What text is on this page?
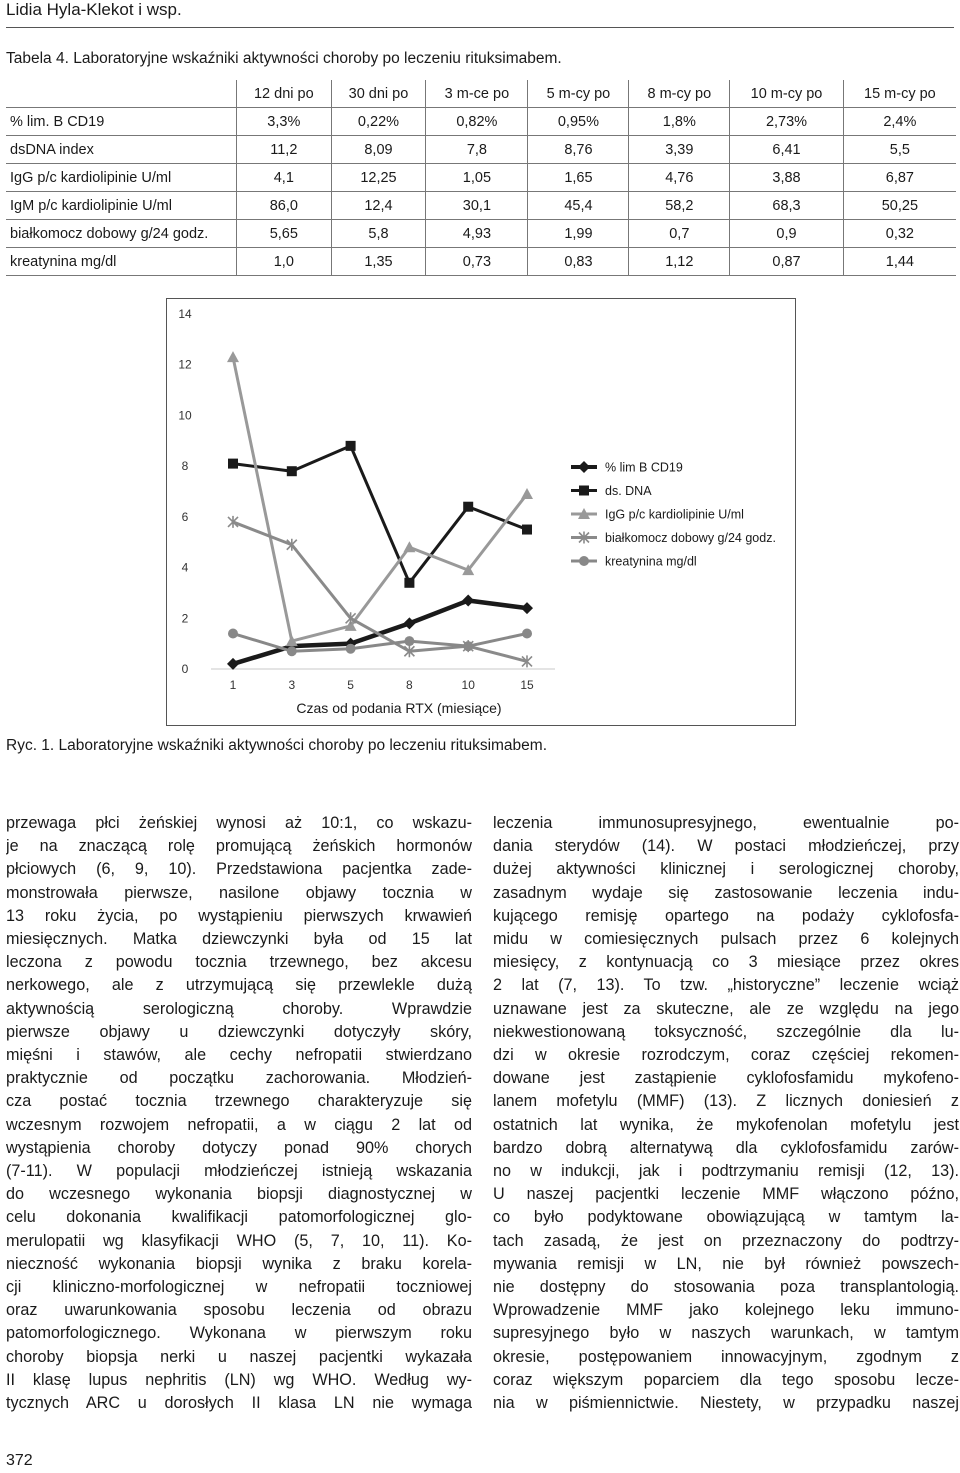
Lidia Hyla-Klekot i wsp.
Tabela 4. Laboratoryjne wskaźniki aktywności choroby po leczeniu rituksimabem.
	12 dni po	30 dni po	3 m-ce po	5 m-cy po	8 m-cy po	10 m-cy po	15 m-cy po
% lim. B CD19	3,3%	0,22%	0,82%	0,95%	1,8%	2,73%	2,4%
dsDNA index	11,2	8,09	7,8	8,76	3,39	6,41	5,5
IgG p/c kardiolipinie U/ml	4,1	12,25	1,05	1,65	4,76	3,88	6,87
IgM p/c kardiolipinie U/ml	86,0	12,4	30,1	45,4	58,2	68,3	50,25
białkomocz dobowy g/24 godz.	5,65	5,8	4,93	1,99	0,7	0,9	0,32
kreatynina mg/dl	1,0	1,35	0,73	0,83	1,12	0,87	1,44
0
2
4
6
8
10
12
14
1	3	5	8	10	15
Czas od podania RTX (miesiące)
% lim B CD19
ds. DNA
IgG p/c kardiolipinie U/ml
białkomocz dobowy g/24 godz.
kreatynina mg/dl
Ryc. 1. Laboratoryjne wskaźniki aktywności choroby po leczeniu rituksimabem.
przewaga płci żeńskiej wynosi aż 10:1, co wskazu-
je na znaczącą rolę promującą żeńskich hormonów
płciowych (6, 9, 10). Przedstawiona pacjentka zade-
monstrowała pierwsze, nasilone objawy tocznia w
13 roku życia, po wystąpieniu pierwszych krwawień
miesięcznych. Matka dziewczynki była od 15 lat
leczona z powodu tocznia trzewnego, bez akcesu
nerkowego, ale z utrzymującą się przewlekle dużą
aktywnością serologiczną choroby. Wprawdzie
pierwsze objawy u dziewczynki dotyczyły skóry,
mięśni i stawów, ale cechy nefropatii stwierdzano
praktycznie od początku zachorowania. Młodzień-
cza postać tocznia trzewnego charakteryzuje się
wczesnym rozwojem nefropatii, a w ciągu 2 lat od
wystąpienia choroby dotyczy ponad 90% chorych
(7-11). W populacji młodzieńczej istnieją wskazania
do wczesnego wykonania biopsji diagnostycznej w
celu dokonania kwalifikacji patomorfologicznej glo-
merulopatii wg klasyfikacji WHO (5, 7, 10, 11). Ko-
nieczność wykonania biopsji wynika z braku korela-
cji kliniczno-morfologicznej w nefropatii toczniowej
oraz uwarunkowania sposobu leczenia od obrazu
patomorfologicznego. Wykonana w pierwszym roku
choroby biopsja nerki u naszej pacjentki wykazała
II klasę lupus nephritis (LN) wg WHO. Według wy-
tycznych ARC u dorosłych II klasa LN nie wymaga
leczenia immunosupresyjnego, ewentualnie po-
dania sterydów (14). W postaci młodzieńczej, przy
dużej aktywności klinicznej i serologicznej choroby,
zasadnym wydaje się zastosowanie leczenia indu-
kującego remisję opartego na podaży cyklofosfa-
midu w comiesięcznych pulsach przez 6 kolejnych
miesięcy, z kontynuacją co 3 miesiące przez okres
2 lat (7, 13). To tzw. „historyczne” leczenie wciąż
uznawane jest za skuteczne, ale ze względu na jego
niekwestionowaną toksyczność, szczególnie dla lu-
dzi w okresie rozrodczym, coraz częściej rekomen-
dowane jest zastąpienie cyklofosfamidu mykofeno-
lanem mofetylu (MMF) (13). Z licznych doniesień z
ostatnich lat wynika, że mykofenolan mofetylu jest
bardzo dobrą alternatywą dla cyklofosfamidu zarów-
no w indukcji, jak i podtrzymaniu remisji (12, 13).
U naszej pacjentki leczenie MMF włączono późno,
co było podyktowane obowiązującą w tamtym la-
tach zasadą, że jest on przeznaczony do podtrzy-
mywania remisji w LN, nie był również powszech-
nie dostępny do stosowania poza transplantologią.
Wprowadzenie MMF jako kolejnego leku immuno-
supresyjnego było w naszych warunkach, w tamtym
okresie, postępowaniem innowacyjnym, zgodnym z
coraz większym poparciem dla tego sposobu lecze-
nia w piśmiennictwie. Niestety, w przypadku naszej
372
